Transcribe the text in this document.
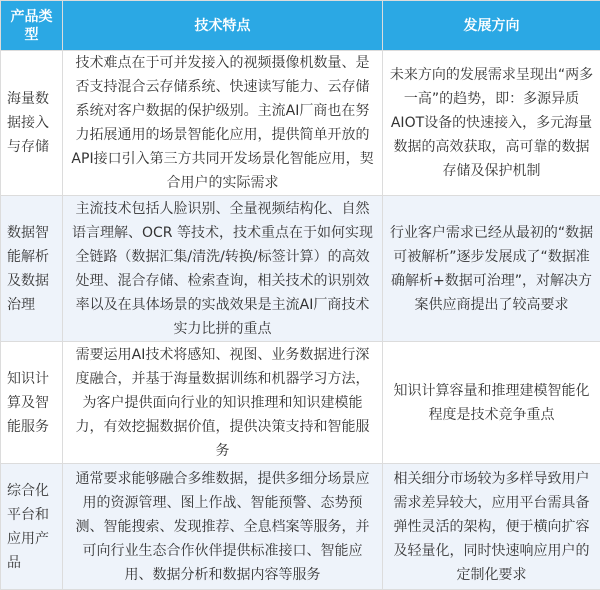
产品类型	技术特点	发展方向
海量数据接入与存储	技术难点在于可并发接入的视频摄像机数量、是否支持混合云存储系统、快速读写能力、云存储系统对客户数据的保护级别。主流AI厂商也在努力拓展通用的场景智能化应用，提供简单开放的API接口引入第三方共同开发场景化智能应用，契合用户的实际需求	未来方向的发展需求呈现出“两多一高”的趋势，即：多源异质AIOT设备的快速接入，多元海量数据的高效获取，高可靠的数据存储及保护机制
数据智能解析及数据治理	主流技术包括人脸识别、全量视频结构化、自然语言理解、OCR 等技术，技术重点在于如何实现全链路（数据汇集/清洗/转换/标签计算）的高效处理、混合存储、检索查询，相关技术的识别效率以及在具体场景的实战效果是主流AI厂商技术实力比拼的重点	行业客户需求已经从最初的“数据可被解析”逐步发展成了“数据准确解析+数据可治理”，对解决方案供应商提出了较高要求
知识计算及智能服务	需要运用AI技术将感知、视图、业务数据进行深度融合，并基于海量数据训练和机器学习方法，为客户提供面向行业的知识推理和知识建模能力，有效挖掘数据价值，提供决策支持和智能服务	知识计算容量和推理建模智能化程度是技术竞争重点
综合化平台和应用产品	通常要求能够融合多维数据，提供多细分场景应用的资源管理、图上作战、智能预警、态势预测、智能搜索、发现推荐、全息档案等服务，并可向行业生态合作伙伴提供标准接口、智能应用、数据分析和数据内容等服务	相关细分市场较为多样导致用户需求差异较大，应用平台需具备弹性灵活的架构，便于横向扩容及轻量化，同时快速响应用户的定制化要求
